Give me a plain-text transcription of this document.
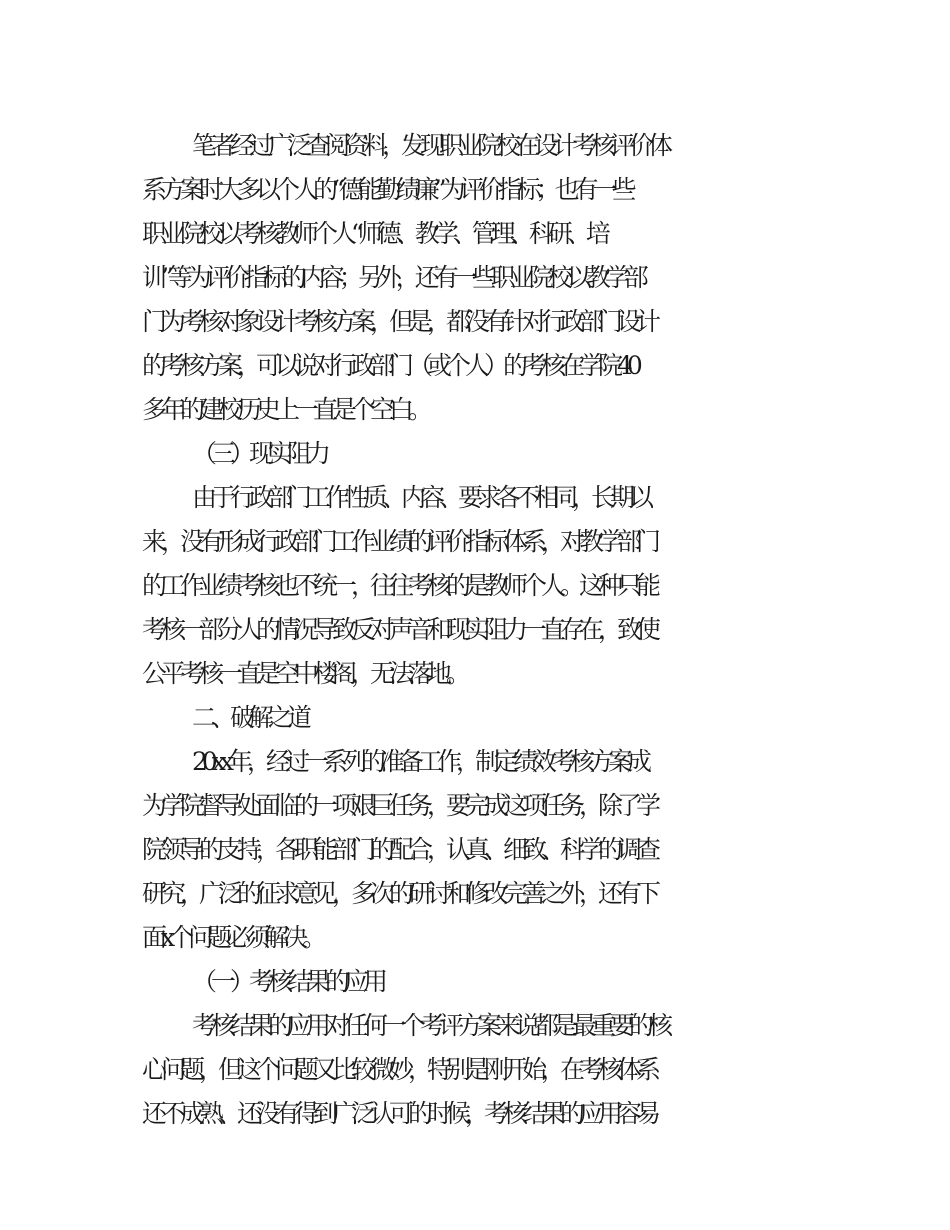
笔者经过广泛查阅资料，发现职业院校在设计考核评价体
系方案时大多以个人的“德能勤绩廉”为评价指标；也有一些
职业院校以考核教师个人“师德、教学、管理、科研、培
训”等为评价指标的内容；另外，还有一些职业院校以教学部
门为考核对象设计考核方案，但是，都没有针对行政部门设计
的考核方案，可以说对行政部门（或个人）的考核在学院40
多年的建校历史上一直是个空白。
（三）现实阻力
由于行政部门工作性质、内容、要求各不相同，长期以
来，没有形成行政部门工作业绩的评价指标体系，对教学部门
的工作业绩考核也不统一，往往考核的是教师个人。这种只能
考核一部分人的情况导致反对声音和现实阻力一直存在，致使
公平考核一直是空中楼阁，无法落地。
二、破解之道
20xx年，经过一系列的准备工作，制定绩效考核方案成
为学院督导处面临的一项艰巨任务，要完成这项任务，除了学
院领导的支持，各职能部门的配合，认真、细致、科学的调查
研究，广泛的征求意见，多次的研讨和修改完善之外，还有下
面x个问题必须解决。
（一）考核结果的应用
考核结果的应用对任何一个考评方案来说都是最重要的核
心问题，但这个问题又比较微妙，特别是刚开始，在考核体系
还不成熟、还没有得到广泛认可的时候，考核结果的应用容易
